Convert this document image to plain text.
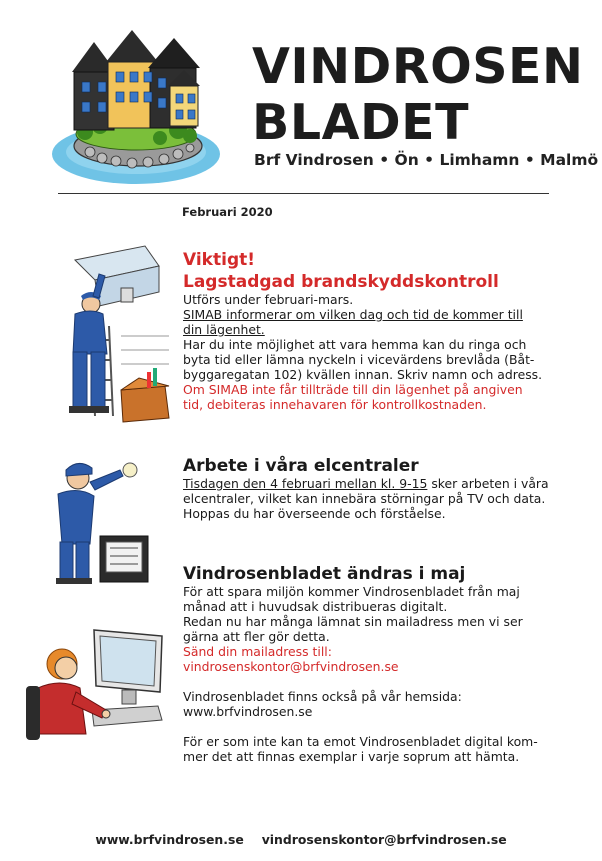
VINDROSEN
BLADET
Brf Vindrosen • Ön • Limhamn • Malmö
Februari 2020
Viktigt!
Lagstadgad brandskyddskontroll
Utförs under februari-mars.
SIMAB informerar om vilken dag och tid de kommer till
din lägenhet.
Har du inte möjlighet att vara hemma kan du ringa och
byta tid eller lämna nyckeln i vicevärdens brevlåda (Båt-
byggaregatan 102) kvällen innan. Skriv namn och adress.
Om SIMAB inte får tillträde till din lägenhet på angiven
tid, debiteras innehavaren för kontrollkostnaden.
Arbete i våra elcentraler
Tisdagen den 4 februari mellan kl. 9-15 sker arbeten i våra
elcentraler, vilket kan innebära störningar på TV och data.
Hoppas du har överseende och förståelse.
Vindrosenbladet ändras i maj
För att spara miljön kommer Vindrosenbladet från maj
månad att i huvudsak distribueras digitalt.
Redan nu har många lämnat sin mailadress men vi ser
gärna att fler gör detta.
Sänd din mailadress till:
vindrosenskontor@brfvindrosen.se
Vindrosenbladet finns också på vår hemsida:
www.brfvindrosen.se
För er som inte kan ta emot Vindrosenbladet digital kom-
mer det att finnas exemplar i varje soprum att hämta.
www.brfvindrosen.se vindrosenskontor@brfvindrosen.se
